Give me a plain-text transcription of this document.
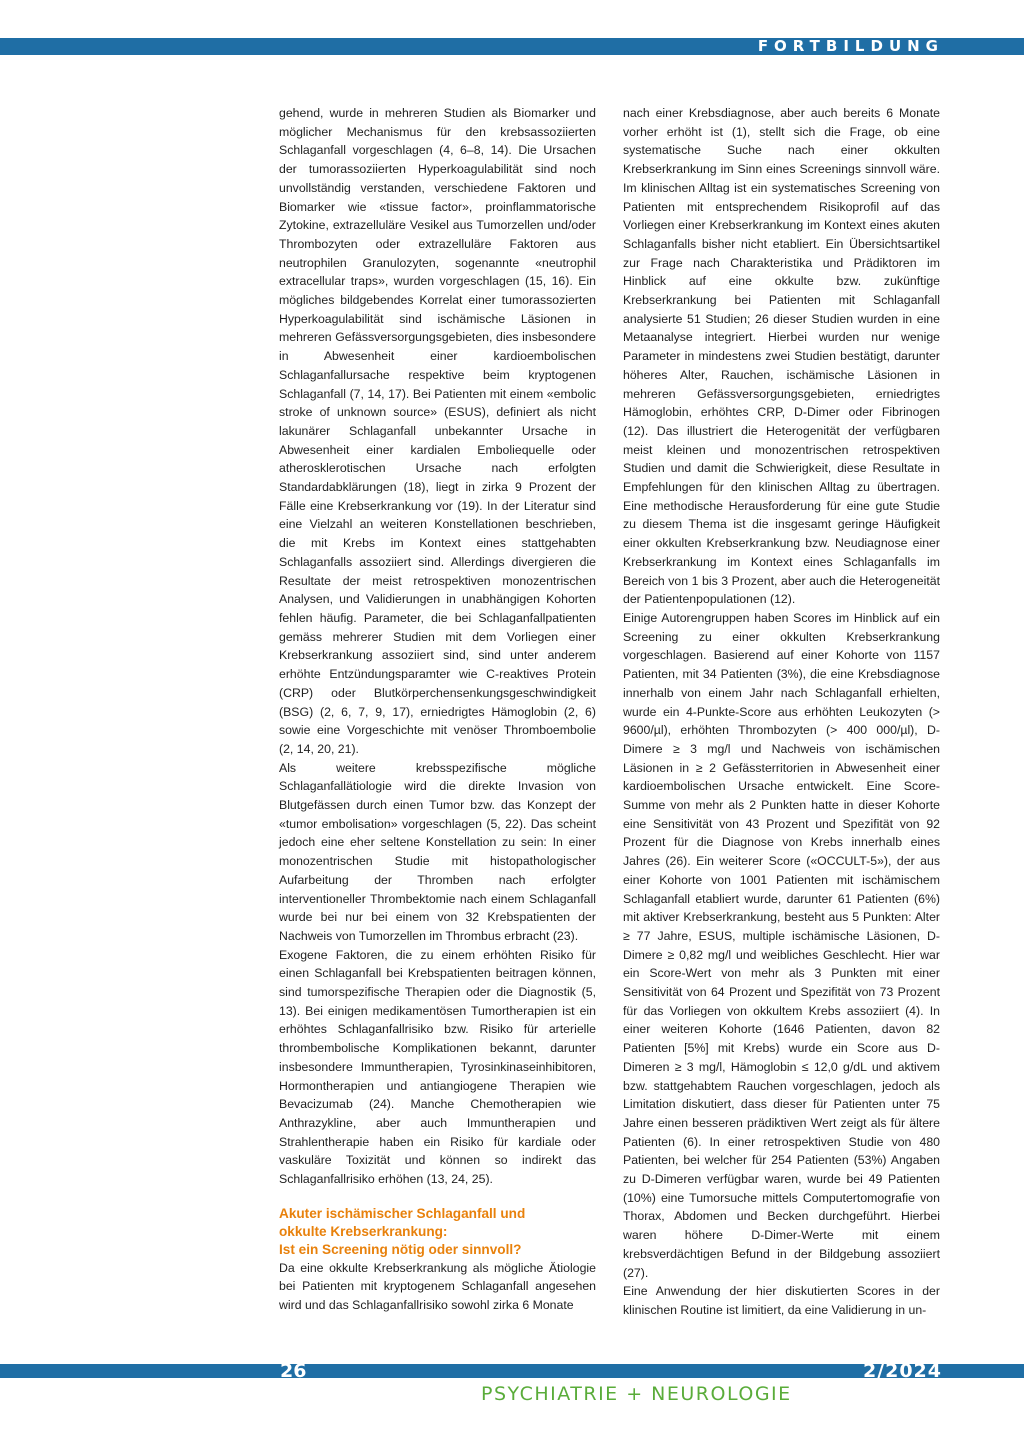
FORTBILDUNG

gehend, wurde in mehreren Studien als Biomarker und möglicher Mechanismus für den krebsassoziierten Schlaganfall vorgeschlagen (4, 6–8, 14). Die Ursachen der tumorassoziierten Hyperkoagulabilität sind noch unvollständig verstanden, verschiedene Faktoren und Biomarker wie «tissue factor», proinflammatorische Zytokine, extrazelluläre Vesikel aus Tumorzellen und/oder Thrombozyten oder extrazelluläre Faktoren aus neutrophilen Granulozyten, sogenannte «neutrophil extracellular traps», wurden vorgeschlagen (15, 16). Ein mögliches bildgebendes Korrelat einer tumorassozierten Hyperkoagulabilität sind ischämische Läsionen in mehreren Gefässversorgungsgebieten, dies insbesondere in Abwesenheit einer kardioembolischen Schlaganfallursache respektive beim kryptogenen Schlaganfall (7, 14, 17). Bei Patienten mit einem «embolic stroke of unknown source» (ESUS), definiert als nicht lakunärer Schlaganfall unbekannter Ursache in Abwesenheit einer kardialen Emboliequelle oder atherosklerotischen Ursache nach erfolgten Standardabklärungen (18), liegt in zirka 9 Prozent der Fälle eine Krebserkrankung vor (19). In der Literatur sind eine Vielzahl an weiteren Konstellationen beschrieben, die mit Krebs im Kontext eines stattgehabten Schlaganfalls assoziiert sind. Allerdings divergieren die Resultate der meist retrospektiven monozentrischen Analysen, und Validierungen in unabhängigen Kohorten fehlen häufig. Parameter, die bei Schlaganfallpatienten gemäss mehrerer Studien mit dem Vorliegen einer Krebserkrankung assoziiert sind, sind unter anderem erhöhte Entzündungsparamter wie C-reaktives Protein (CRP) oder Blutkörperchensenkungsgeschwindigkeit (BSG) (2, 6, 7, 9, 17), erniedrigtes Hämoglobin (2, 6) sowie eine Vorgeschichte mit venöser Thromboembolie (2, 14, 20, 21).

Als weitere krebsspezifische mögliche Schlaganfallätiologie wird die direkte Invasion von Blutgefässen durch einen Tumor bzw. das Konzept der «tumor embolisation» vorgeschlagen (5, 22). Das scheint jedoch eine eher seltene Konstellation zu sein: In einer monozentrischen Studie mit histopathologischer Aufarbeitung der Thromben nach erfolgter interventioneller Thrombektomie nach einem Schlaganfall wurde bei nur bei einem von 32 Krebspatienten der Nachweis von Tumorzellen im Thrombus erbracht (23).

Exogene Faktoren, die zu einem erhöhten Risiko für einen Schlaganfall bei Krebspatienten beitragen können, sind tumorspezifische Therapien oder die Diagnostik (5, 13). Bei einigen medikamentösen Tumortherapien ist ein erhöhtes Schlaganfallrisiko bzw. Risiko für arterielle thrombembolische Komplikationen bekannt, darunter insbesondere Immuntherapien, Tyrosinkinaseinhibitoren, Hormontherapien und antiangiogene Therapien wie Bevacizumab (24). Manche Chemotherapien wie Anthrazykline, aber auch Immuntherapien und Strahlentherapie haben ein Risiko für kardiale oder vaskuläre Toxizität und können so indirekt das Schlaganfallrisiko erhöhen (13, 24, 25).

Akuter ischämischer Schlaganfall und
okkulte Krebserkrankung:
Ist ein Screening nötig oder sinnvoll?

Da eine okkulte Krebserkrankung als mögliche Ätiologie bei Patienten mit kryptogenem Schlaganfall angesehen wird und das Schlaganfallrisiko sowohl zirka 6 Monate

nach einer Krebsdiagnose, aber auch bereits 6 Monate vorher erhöht ist (1), stellt sich die Frage, ob eine systematische Suche nach einer okkulten Krebserkrankung im Sinn eines Screenings sinnvoll wäre. Im klinischen Alltag ist ein systematisches Screening von Patienten mit entsprechendem Risikoprofil auf das Vorliegen einer Krebserkrankung im Kontext eines akuten Schlaganfalls bisher nicht etabliert. Ein Übersichtsartikel zur Frage nach Charakteristika und Prädiktoren im Hinblick auf eine okkulte bzw. zukünftige Krebserkrankung bei Patienten mit Schlaganfall analysierte 51 Studien; 26 dieser Studien wurden in eine Metaanalyse integriert. Hierbei wurden nur wenige Parameter in mindestens zwei Studien bestätigt, darunter höheres Alter, Rauchen, ischämische Läsionen in mehreren Gefässversorgungsgebieten, erniedrigtes Hämoglobin, erhöhtes CRP, D-Dimer oder Fibrinogen (12). Das illustriert die Heterogenität der verfügbaren meist kleinen und monozentrischen retrospektiven Studien und damit die Schwierigkeit, diese Resultate in Empfehlungen für den klinischen Alltag zu übertragen. Eine methodische Herausforderung für eine gute Studie zu diesem Thema ist die insgesamt geringe Häufigkeit einer okkulten Krebserkrankung bzw. Neudiagnose einer Krebserkrankung im Kontext eines Schlaganfalls im Bereich von 1 bis 3 Prozent, aber auch die Heterogeneität der Patientenpopulationen (12).

Einige Autorengruppen haben Scores im Hinblick auf ein Screening zu einer okkulten Krebserkrankung vorgeschlagen. Basierend auf einer Kohorte von 1157 Patienten, mit 34 Patienten (3%), die eine Krebsdiagnose innerhalb von einem Jahr nach Schlaganfall erhielten, wurde ein 4-Punkte-Score aus erhöhten Leukozyten (> 9600/µl), erhöhten Thrombozyten (> 400 000/µl), D-Dimere ≥ 3 mg/l und Nachweis von ischämischen Läsionen in ≥ 2 Gefässterritorien in Abwesenheit einer kardioembolischen Ursache entwickelt. Eine Score-Summe von mehr als 2 Punkten hatte in dieser Kohorte eine Sensitivität von 43 Prozent und Spezifität von 92 Prozent für die Diagnose von Krebs innerhalb eines Jahres (26). Ein weiterer Score («OCCULT-5»), der aus einer Kohorte von 1001 Patienten mit ischämischem Schlaganfall etabliert wurde, darunter 61 Patienten (6%) mit aktiver Krebserkrankung, besteht aus 5 Punkten: Alter ≥ 77 Jahre, ESUS, multiple ischämische Läsionen, D-Dimere ≥ 0,82 mg/l und weibliches Geschlecht. Hier war ein Score-Wert von mehr als 3 Punkten mit einer Sensitivität von 64 Prozent und Spezifität von 73 Prozent für das Vorliegen von okkultem Krebs assoziiert (4). In einer weiteren Kohorte (1646 Patienten, davon 82 Patienten [5%] mit Krebs) wurde ein Score aus D-Dimeren ≥ 3 mg/l, Hämoglobin ≤ 12,0 g/dL und aktivem bzw. stattgehabtem Rauchen vorgeschlagen, jedoch als Limitation diskutiert, dass dieser für Patienten unter 75 Jahre einen besseren prädiktiven Wert zeigt als für ältere Patienten (6). In einer retrospektiven Studie von 480 Patienten, bei welcher für 254 Patienten (53%) Angaben zu D-Dimeren verfügbar waren, wurde bei 49 Patienten (10%) eine Tumorsuche mittels Computertomografie von Thorax, Abdomen und Becken durchgeführt. Hierbei waren höhere D-Dimer-Werte mit einem krebsverdächtigen Befund in der Bildgebung assoziiert (27).

Eine Anwendung der hier diskutierten Scores in der klinischen Routine ist limitiert, da eine Validierung in un-

26	2/2024
PSYCHIATRIE + NEUROLOGIE
